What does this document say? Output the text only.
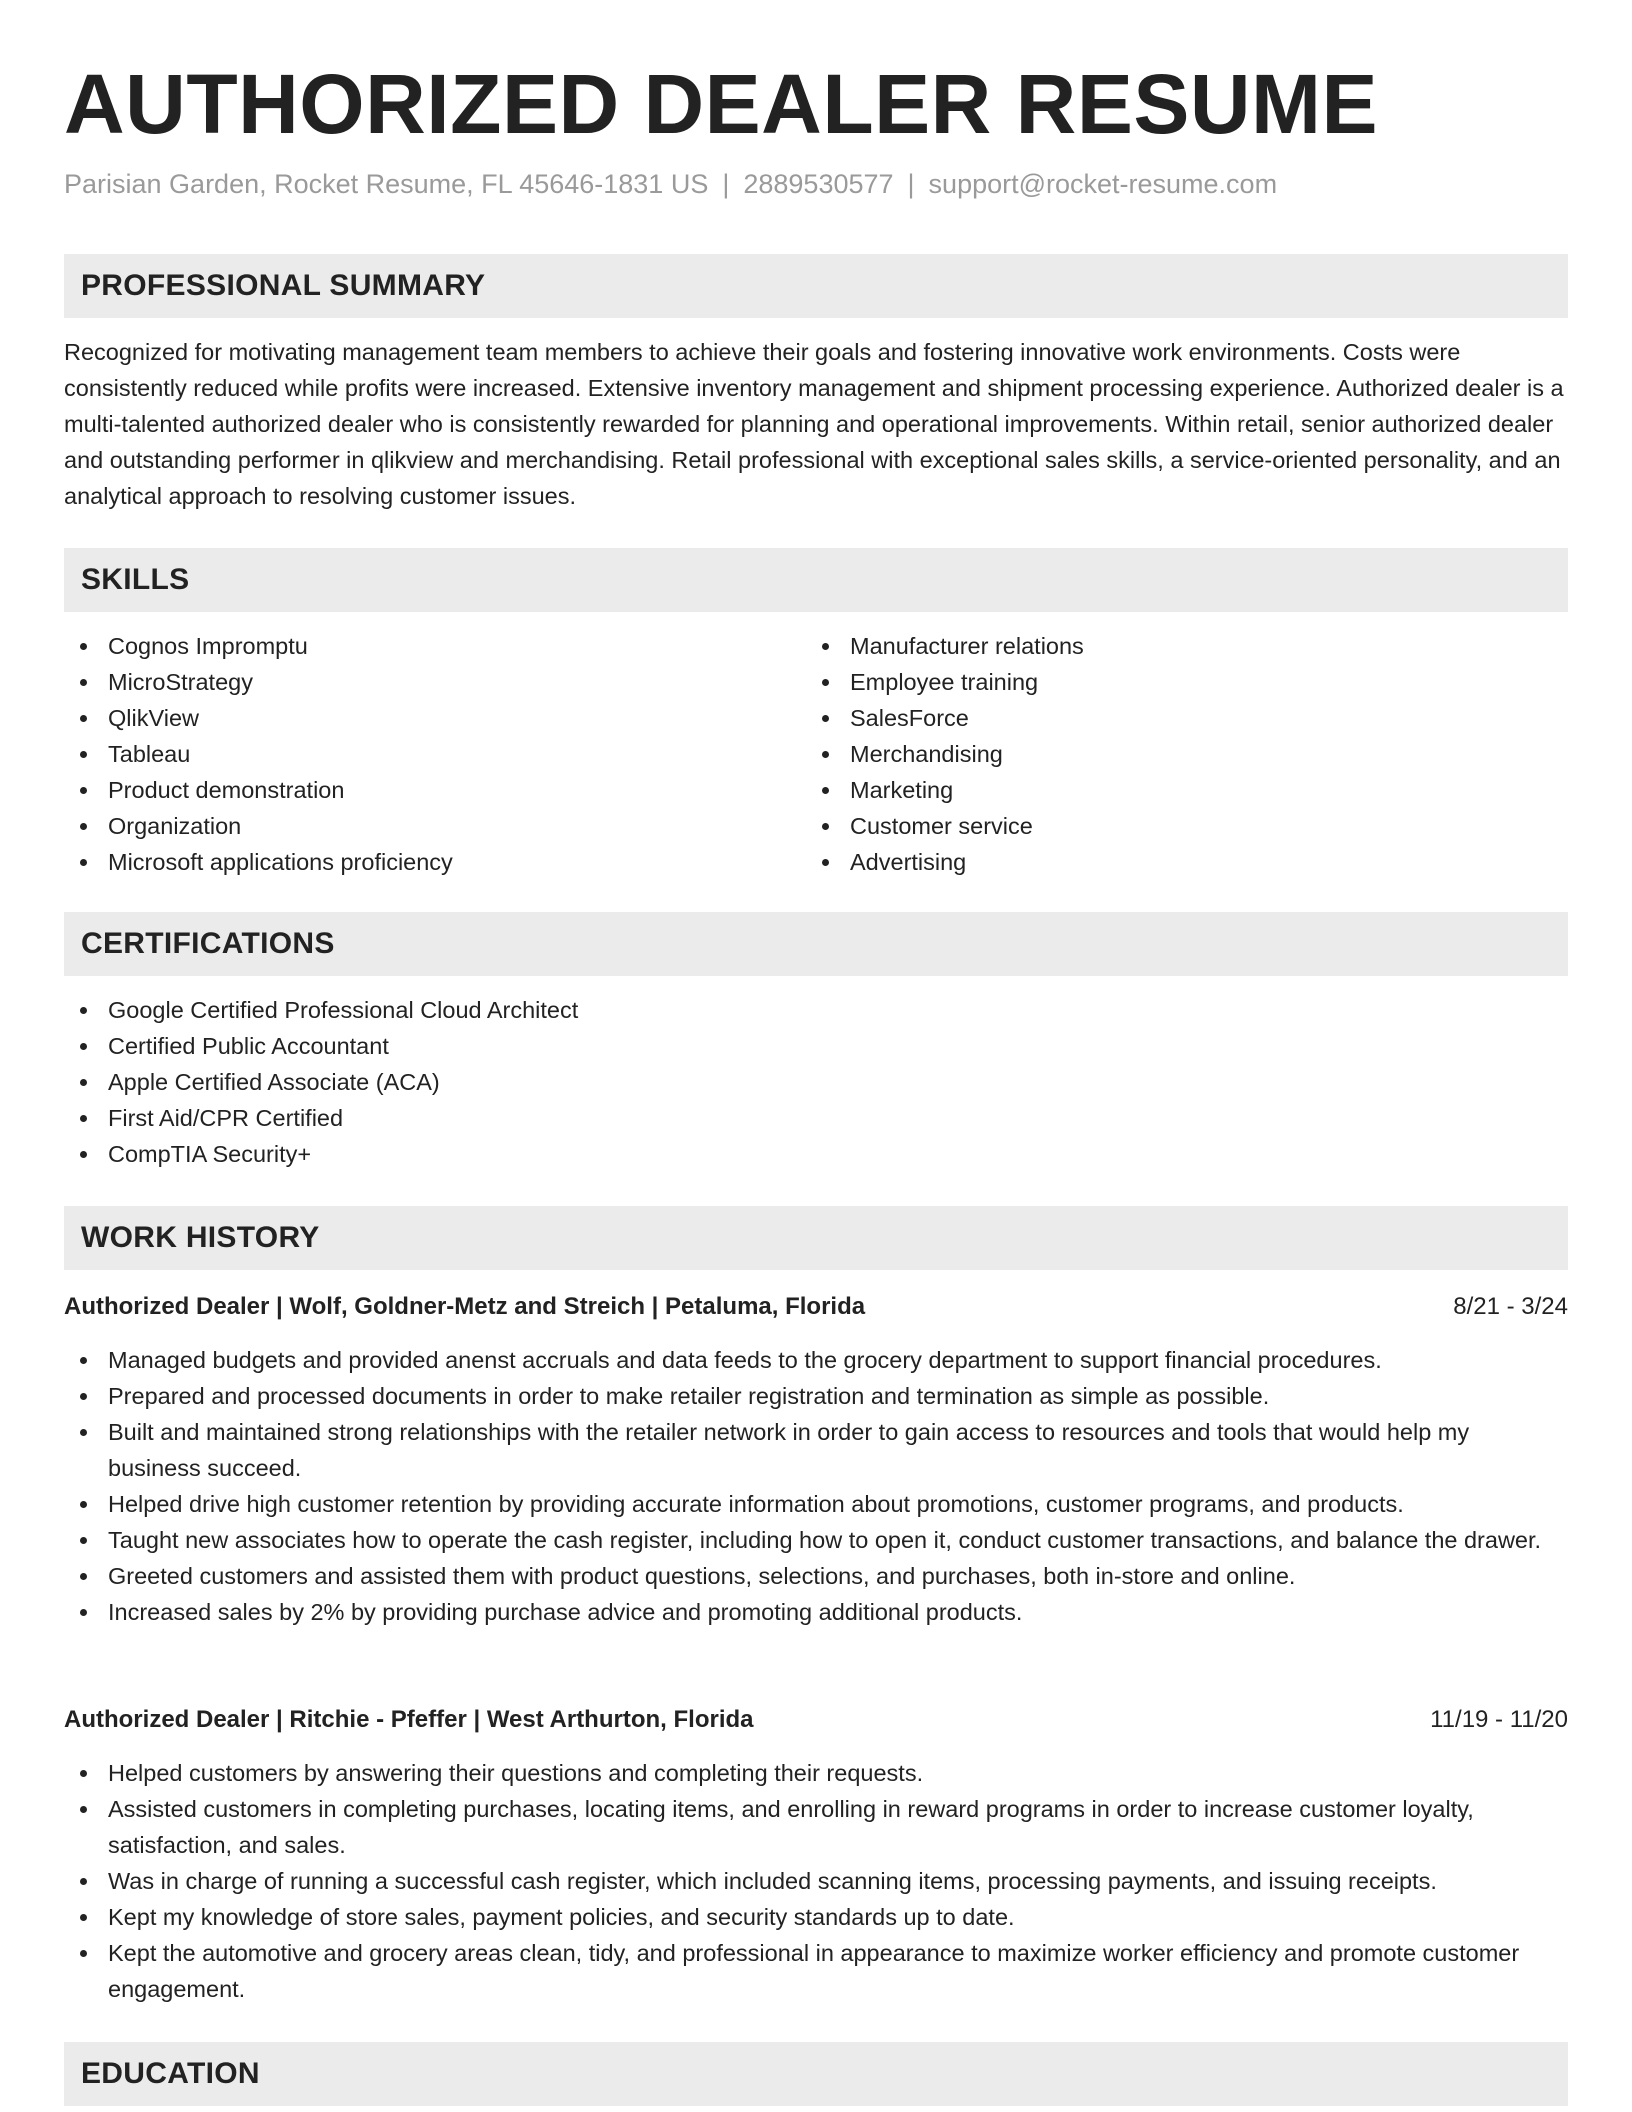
AUTHORIZED DEALER RESUME
Parisian Garden, Rocket Resume, FL 45646-1831 US | 2889530577 | support@rocket-resume.com
PROFESSIONAL SUMMARY
Recognized for motivating management team members to achieve their goals and fostering innovative work environments. Costs were consistently reduced while profits were increased. Extensive inventory management and shipment processing experience. Authorized dealer is a multi-talented authorized dealer who is consistently rewarded for planning and operational improvements. Within retail, senior authorized dealer and outstanding performer in qlikview and merchandising. Retail professional with exceptional sales skills, a service-oriented personality, and an analytical approach to resolving customer issues.
SKILLS
Cognos Impromptu
MicroStrategy
QlikView
Tableau
Product demonstration
Organization
Microsoft applications proficiency
Manufacturer relations
Employee training
SalesForce
Merchandising
Marketing
Customer service
Advertising
CERTIFICATIONS
Google Certified Professional Cloud Architect
Certified Public Accountant
Apple Certified Associate (ACA)
First Aid/CPR Certified
CompTIA Security+
WORK HISTORY
Authorized Dealer | Wolf, Goldner-Metz and Streich | Petaluma, Florida	8/21 - 3/24
Managed budgets and provided anenst accruals and data feeds to the grocery department to support financial procedures.
Prepared and processed documents in order to make retailer registration and termination as simple as possible.
Built and maintained strong relationships with the retailer network in order to gain access to resources and tools that would help my business succeed.
Helped drive high customer retention by providing accurate information about promotions, customer programs, and products.
Taught new associates how to operate the cash register, including how to open it, conduct customer transactions, and balance the drawer.
Greeted customers and assisted them with product questions, selections, and purchases, both in-store and online.
Increased sales by 2% by providing purchase advice and promoting additional products.
Authorized Dealer | Ritchie - Pfeffer | West Arthurton, Florida	11/19 - 11/20
Helped customers by answering their questions and completing their requests.
Assisted customers in completing purchases, locating items, and enrolling in reward programs in order to increase customer loyalty, satisfaction, and sales.
Was in charge of running a successful cash register, which included scanning items, processing payments, and issuing receipts.
Kept my knowledge of store sales, payment policies, and security standards up to date.
Kept the automotive and grocery areas clean, tidy, and professional in appearance to maximize worker efficiency and promote customer engagement.
EDUCATION
